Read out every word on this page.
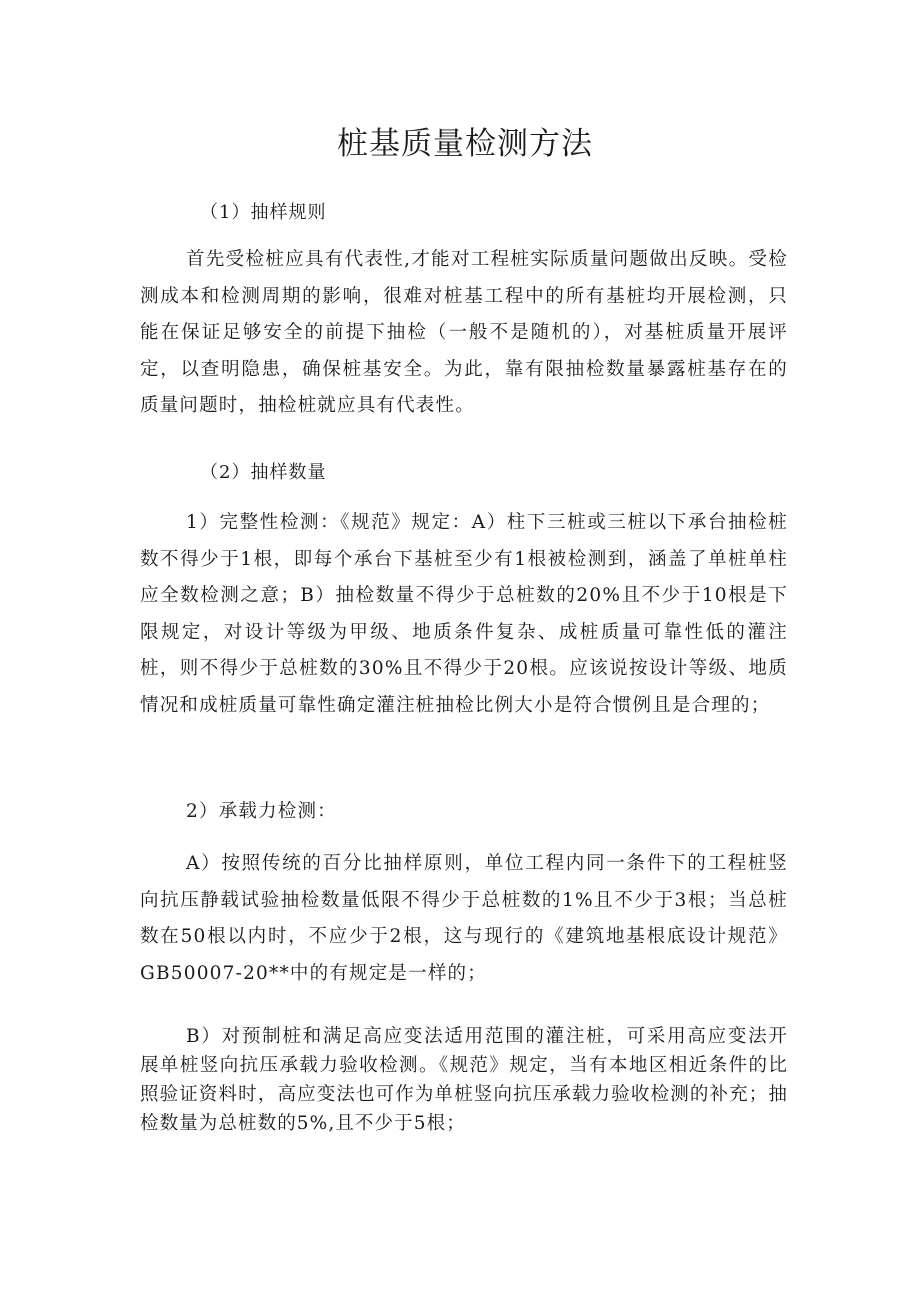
桩基质量检测方法

（1）抽样规则

首先受检桩应具有代表性,才能对工程桩实际质量问题做出反映。受检测成本和检测周期的影响，很难对桩基工程中的所有基桩均开展检测，只能在保证足够安全的前提下抽检（一般不是随机的），对基桩质量开展评定，以查明隐患，确保桩基安全。为此，靠有限抽检数量暴露桩基存在的质量问题时，抽检桩就应具有代表性。

（2）抽样数量

1）完整性检测：《规范》规定：A）柱下三桩或三桩以下承台抽检桩数不得少于1根，即每个承台下基桩至少有1根被检测到，涵盖了单桩单柱应全数检测之意；B）抽检数量不得少于总桩数的20%且不少于10根是下限规定，对设计等级为甲级、地质条件复杂、成桩质量可靠性低的灌注桩，则不得少于总桩数的30%且不得少于20根。应该说按设计等级、地质情况和成桩质量可靠性确定灌注桩抽检比例大小是符合惯例且是合理的；

2）承载力检测：

A）按照传统的百分比抽样原则，单位工程内同一条件下的工程桩竖向抗压静载试验抽检数量低限不得少于总桩数的1%且不少于3根；当总桩数在50根以内时，不应少于2根，这与现行的《建筑地基根底设计规范》GB50007-20**中的有规定是一样的；

B）对预制桩和满足高应变法适用范围的灌注桩，可采用高应变法开展单桩竖向抗压承载力验收检测。《规范》规定，当有本地区相近条件的比照验证资料时，高应变法也可作为单桩竖向抗压承载力验收检测的补充；抽检数量为总桩数的5%,且不少于5根；
